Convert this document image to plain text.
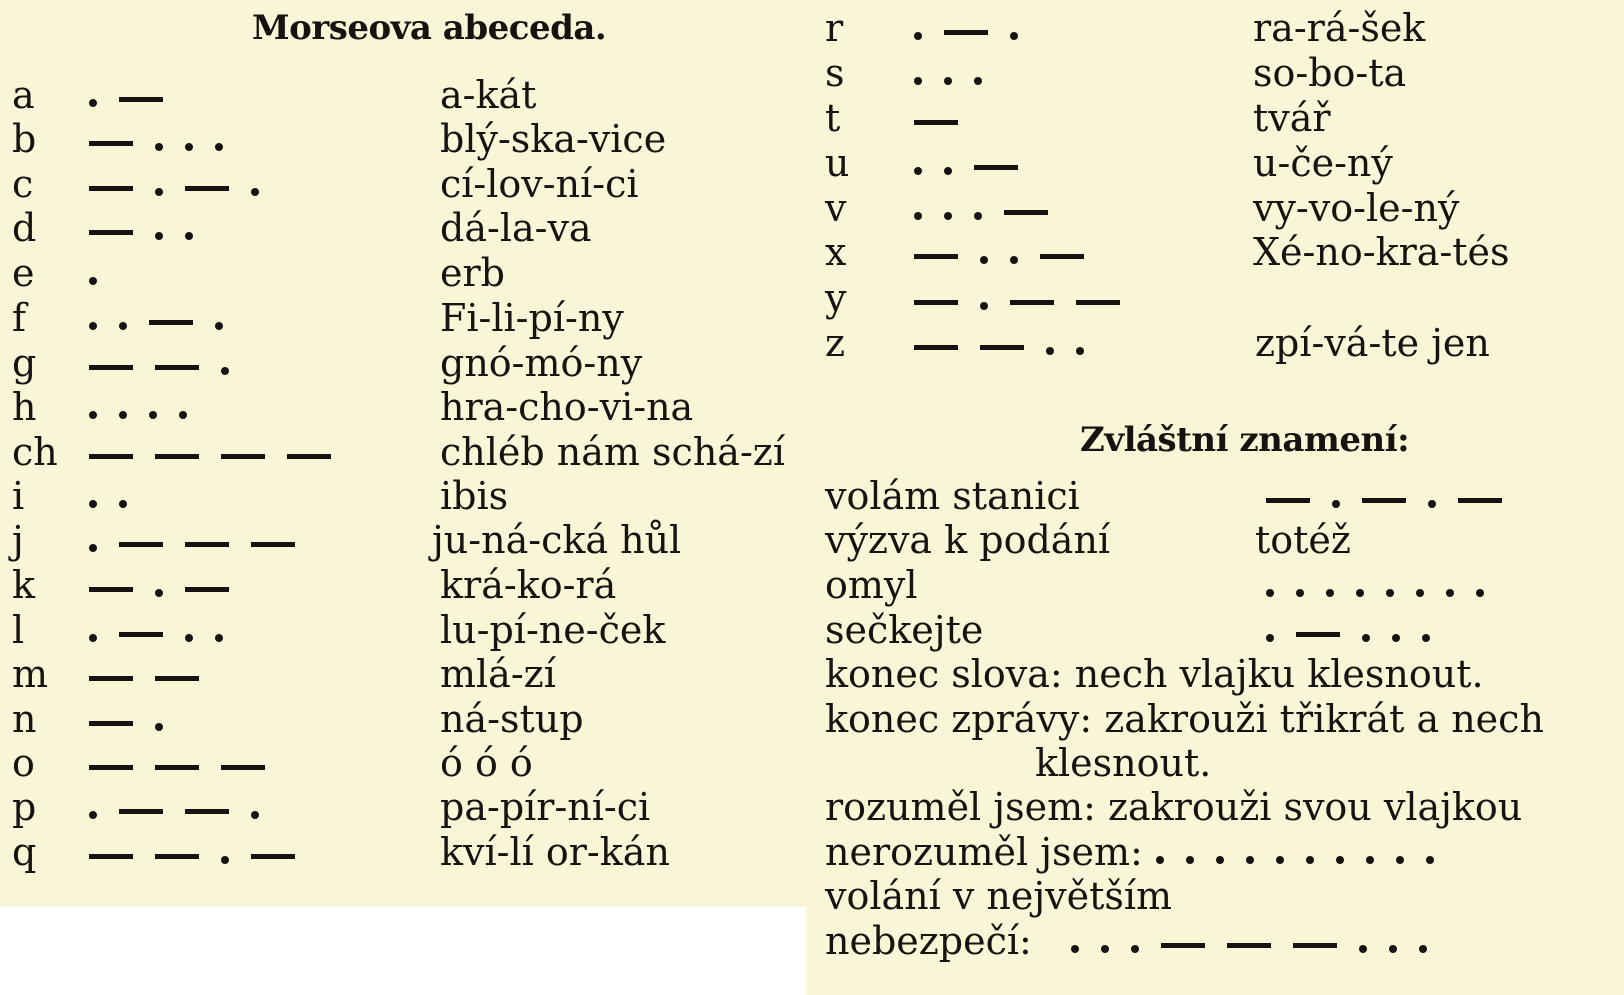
Morseova abeceda.
a	a-kát
b	blý-ska-vice
c	cí-lov-ní-ci
d	dá-la-va
e	erb
f	Fi-li-pí-ny
g	gnó-mó-ny
h	hra-cho-vi-na
ch	chléb nám schá-zí
i	ibis
j	ju-ná-cká hůl
k	krá-ko-rá
l	lu-pí-ne-ček
m	mlá-zí
n	ná-stup
o	ó ó ó
p	pa-pír-ní-ci
q	kví-lí or-kán
r	ra-rá-šek
s	so-bo-ta
t	tvář
u	u-če-ný
v	vy-vo-le-ný
x	Xé-no-kra-tés
y
z	zpí-vá-te jen
Zvláštní znamení:
volám stanici
výzva k podání	totéž
omyl
sečkejte
konec slova: nech vlajku klesnout.
konec zprávy: zakrouži třikrát a nech
klesnout.
rozuměl jsem: zakrouži svou vlajkou
nerozuměl jsem:
volání v největším
nebezpečí:
